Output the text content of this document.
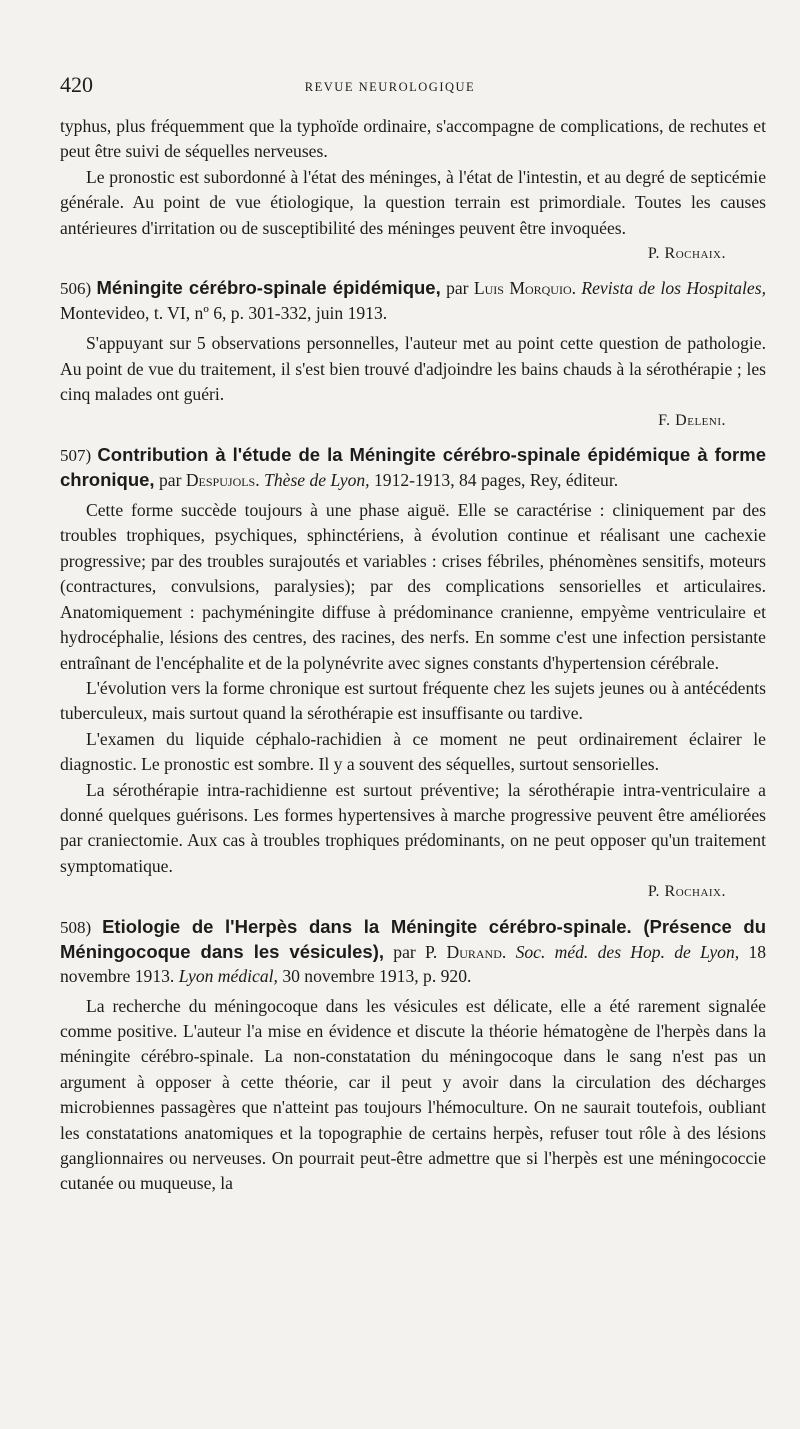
420	REVUE NEUROLOGIQUE

typhus, plus fréquemment que la typhoïde ordinaire, s'accompagne de complications, de rechutes et peut être suivi de séquelles nerveuses.

Le pronostic est subordonné à l'état des méninges, à l'état de l'intestin, et au degré de septicémie générale. Au point de vue étiologique, la question terrain est primordiale. Toutes les causes antérieures d'irritation ou de susceptibilité des méninges peuvent être invoquées.

P. Rochaix.
506) Méningite cérébro-spinale épidémique, par Luis Morquio. Revista de los Hospitales, Montevideo, t. VI, nº 6, p. 301-332, juin 1913.

S'appuyant sur 5 observations personnelles, l'auteur met au point cette question de pathologie. Au point de vue du traitement, il s'est bien trouvé d'adjoindre les bains chauds à la sérothérapie ; les cinq malades ont guéri.

F. Deleni.
507) Contribution à l'étude de la Méningite cérébro-spinale épidémique à forme chronique, par Despujols. Thèse de Lyon, 1912-1913, 84 pages, Rey, éditeur.

Cette forme succède toujours à une phase aiguë. Elle se caractérise : cliniquement par des troubles trophiques, psychiques, sphinctériens, à évolution continue et réalisant une cachexie progressive; par des troubles surajoutés et variables : crises fébriles, phénomènes sensitifs, moteurs (contractures, convulsions, paralysies); par des complications sensorielles et articulaires. Anatomiquement : pachyméningite diffuse à prédominance cranienne, empyème ventriculaire et hydrocéphalie, lésions des centres, des racines, des nerfs. En somme c'est une infection persistante entraînant de l'encéphalite et de la polynévrite avec signes constants d'hypertension cérébrale.

L'évolution vers la forme chronique est surtout fréquente chez les sujets jeunes ou à antécédents tuberculeux, mais surtout quand la sérothérapie est insuffisante ou tardive.

L'examen du liquide céphalo-rachidien à ce moment ne peut ordinairement éclairer le diagnostic. Le pronostic est sombre. Il y a souvent des séquelles, surtout sensorielles.

La sérothérapie intra-rachidienne est surtout préventive; la sérothérapie intra-ventriculaire a donné quelques guérisons. Les formes hypertensives à marche progressive peuvent être améliorées par craniectomie. Aux cas à troubles trophiques prédominants, on ne peut opposer qu'un traitement symptomatique.

P. Rochaix.
508) Etiologie de l'Herpès dans la Méningite cérébro-spinale. (Présence du Méningocoque dans les vésicules), par P. Durand. Soc. méd. des Hop. de Lyon, 18 novembre 1913. Lyon médical, 30 novembre 1913, p. 920.

La recherche du méningocoque dans les vésicules est délicate, elle a été rarement signalée comme positive. L'auteur l'a mise en évidence et discute la théorie hématogène de l'herpès dans la méningite cérébro-spinale. La non-constatation du méningocoque dans le sang n'est pas un argument à opposer à cette théorie, car il peut y avoir dans la circulation des décharges microbiennes passagères que n'atteint pas toujours l'hémoculture. On ne saurait toutefois, oubliant les constatations anatomiques et la topographie de certains herpès, refuser tout rôle à des lésions ganglionnaires ou nerveuses. On pourrait peut-être admettre que si l'herpès est une méningococcie cutanée ou muqueuse, la
